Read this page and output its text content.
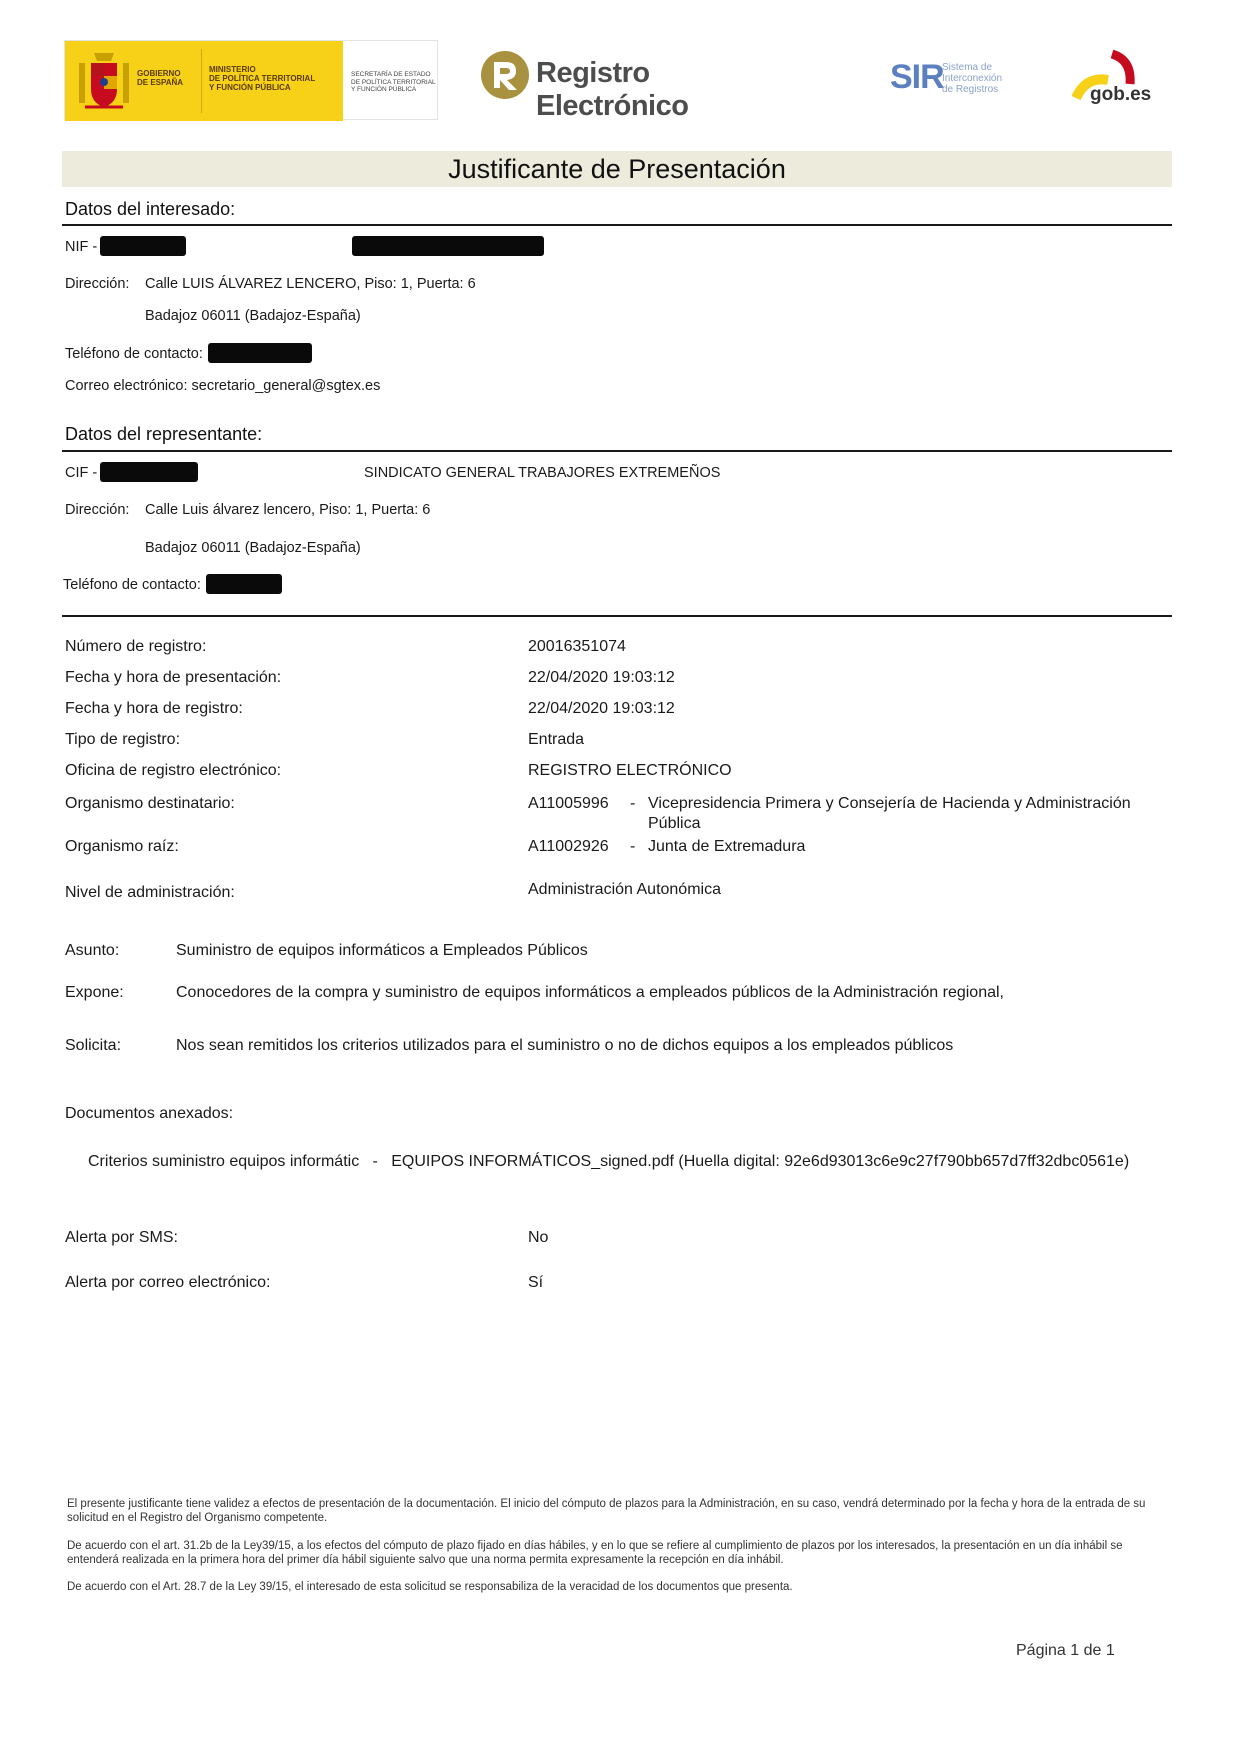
GOBIERNO
DE ESPAÑA
MINISTERIO
DE POLÍTICA TERRITORIAL
Y FUNCIÓN PÚBLICA
SECRETARÍA DE ESTADO
DE POLÍTICA TERRITORIAL
Y FUNCIÓN PÚBLICA
Registro Electrónico
SIR
Sistema de
Interconexión
de Registros	gob.es
Justificante de Presentación
Datos del interesado:
NIF -
Dirección: Calle LUIS ÁLVAREZ LENCERO, Piso: 1, Puerta: 6
Badajoz 06011 (Badajoz-España)
Teléfono de contacto:
Correo electrónico: secretario_general@sgtex.es
Datos del representante:
CIF -	SINDICATO GENERAL TRABAJORES EXTREMEÑOS
Dirección: Calle Luis álvarez lencero, Piso: 1, Puerta: 6
Badajoz 06011 (Badajoz-España)
Teléfono de contacto:
Número de registro:	20016351074
Fecha y hora de presentación:	22/04/2020 19:03:12
Fecha y hora de registro:	22/04/2020 19:03:12
Tipo de registro:	Entrada
Oficina de registro electrónico:	REGISTRO ELECTRÓNICO
Organismo destinatario:	A11005996 - Vicepresidencia Primera y Consejería de Hacienda y Administración
Pública
Organismo raíz:	A11002926 - Junta de Extremadura
Nivel de administración:	Administración Autonómica
Asunto:	Suministro de equipos informáticos a Empleados Públicos
Expone:	Conocedores de la compra y suministro de equipos informáticos a empleados públicos de la Administración regional,
Solicita:	Nos sean remitidos los criterios utilizados para el suministro o no de dichos equipos a los empleados públicos
Documentos anexados:
Criterios suministro equipos informátic   -   EQUIPOS INFORMÁTICOS_signed.pdf (Huella digital: 92e6d93013c6e9c27f790bb657d7ff32dbc0561e)
Alerta por SMS:	No
Alerta por correo electrónico:	Sí
El presente justificante tiene validez a efectos de presentación de la documentación. El inicio del cómputo de plazos para la Administración, en su caso, vendrá determinado por la fecha y hora de la entrada de su solicitud en el Registro del Organismo competente.
De acuerdo con el art. 31.2b de la Ley39/15, a los efectos del cómputo de plazo fijado en días hábiles, y en lo que se refiere al cumplimiento de plazos por los interesados, la presentación en un día inhábil se entenderá realizada en la primera hora del primer día hábil siguiente salvo que una norma permita expresamente la recepción en día inhábil.
De acuerdo con el Art. 28.7 de la Ley 39/15, el interesado de esta solicitud se responsabiliza de la veracidad de los documentos que presenta.
Página 1 de 1
